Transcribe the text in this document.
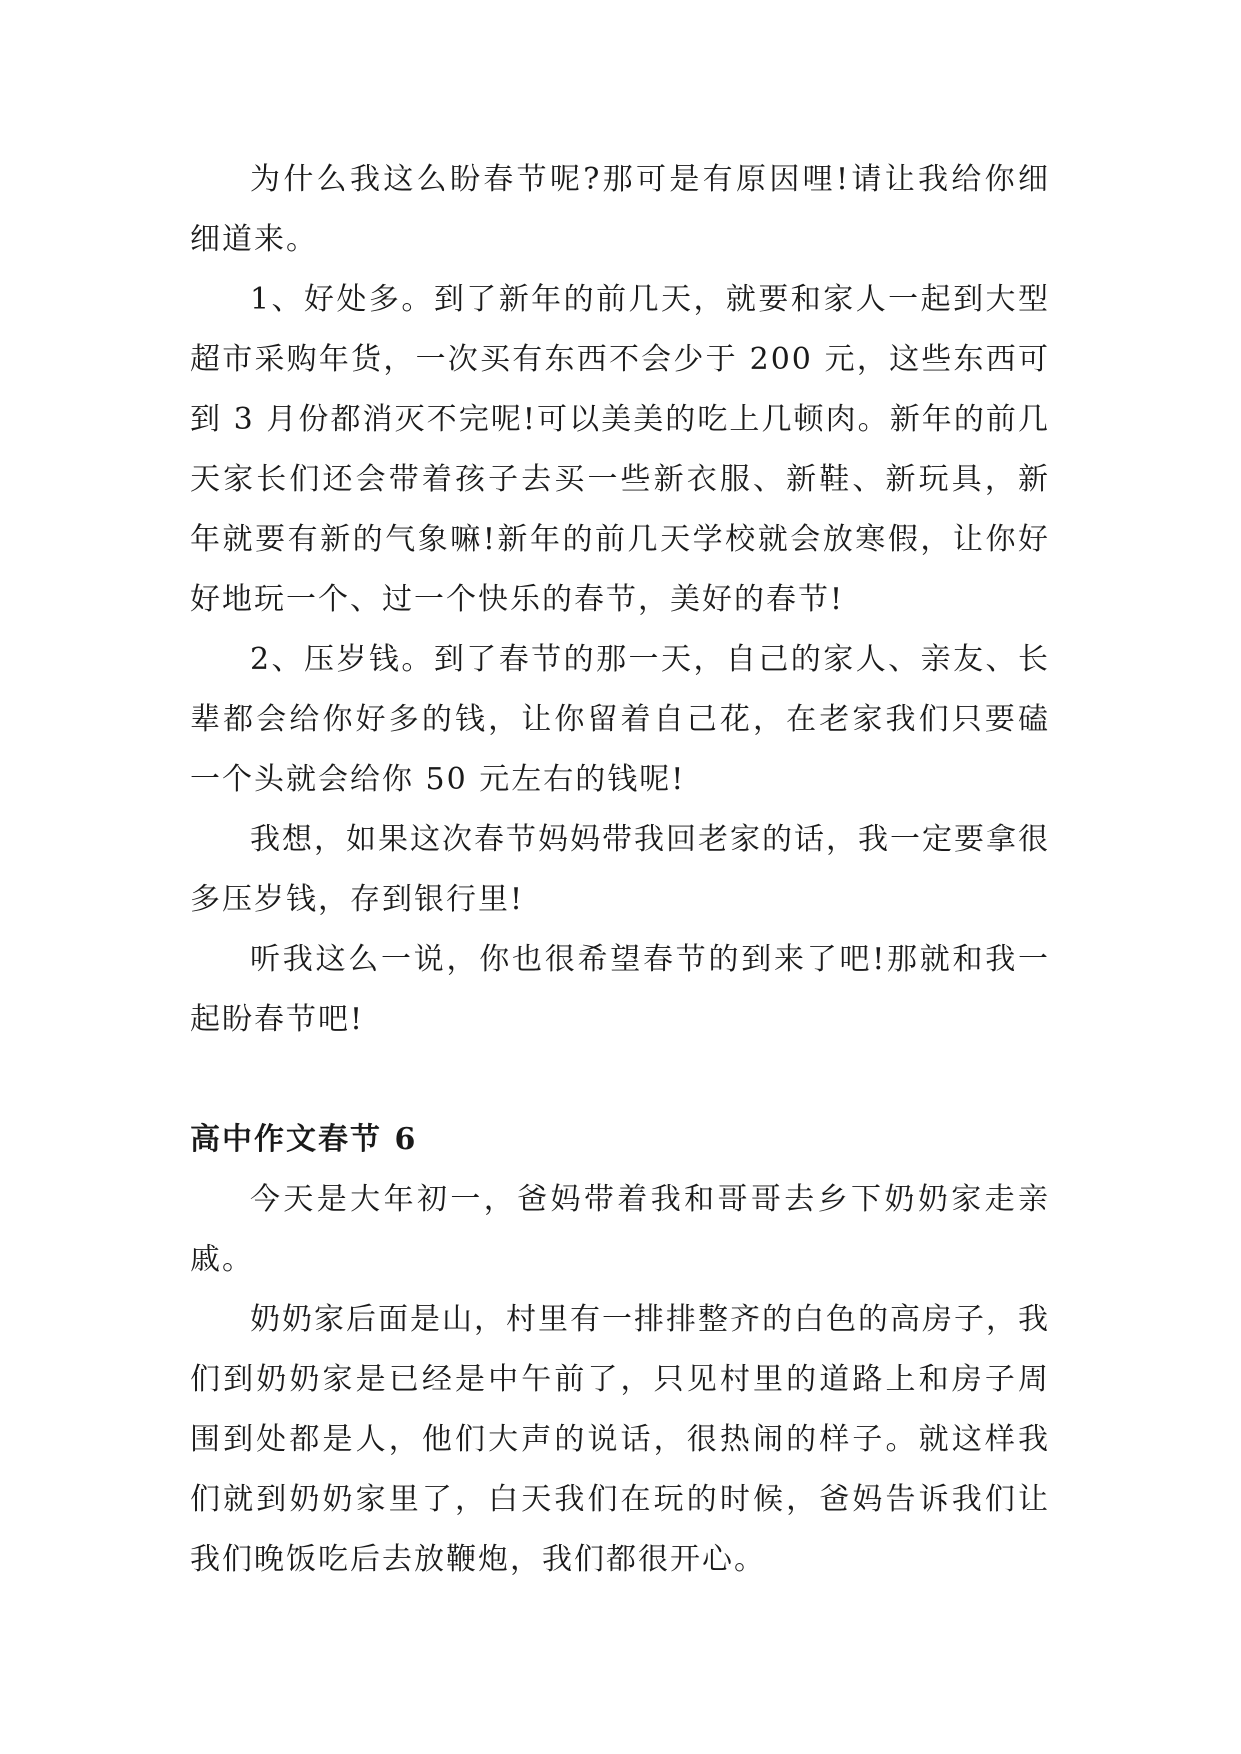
为什么我这么盼春节呢?那可是有原因哩!请让我给你细细道来。

1、好处多。到了新年的前几天，就要和家人一起到大型超市采购年货，一次买有东西不会少于 200 元，这些东西可到 3 月份都消灭不完呢!可以美美的吃上几顿肉。新年的前几天家长们还会带着孩子去买一些新衣服、新鞋、新玩具，新年就要有新的气象嘛!新年的前几天学校就会放寒假，让你好好地玩一个、过一个快乐的春节，美好的春节!

2、压岁钱。到了春节的那一天，自己的家人、亲友、长辈都会给你好多的钱，让你留着自己花，在老家我们只要磕一个头就会给你 50 元左右的钱呢!

我想，如果这次春节妈妈带我回老家的话，我一定要拿很多压岁钱，存到银行里!

听我这么一说，你也很希望春节的到来了吧!那就和我一起盼春节吧!

高中作文春节 6

今天是大年初一，爸妈带着我和哥哥去乡下奶奶家走亲戚。

奶奶家后面是山，村里有一排排整齐的白色的高房子，我们到奶奶家是已经是中午前了，只见村里的道路上和房子周围到处都是人，他们大声的说话，很热闹的样子。就这样我们就到奶奶家里了，白天我们在玩的时候，爸妈告诉我们让我们晚饭吃后去放鞭炮，我们都很开心。
